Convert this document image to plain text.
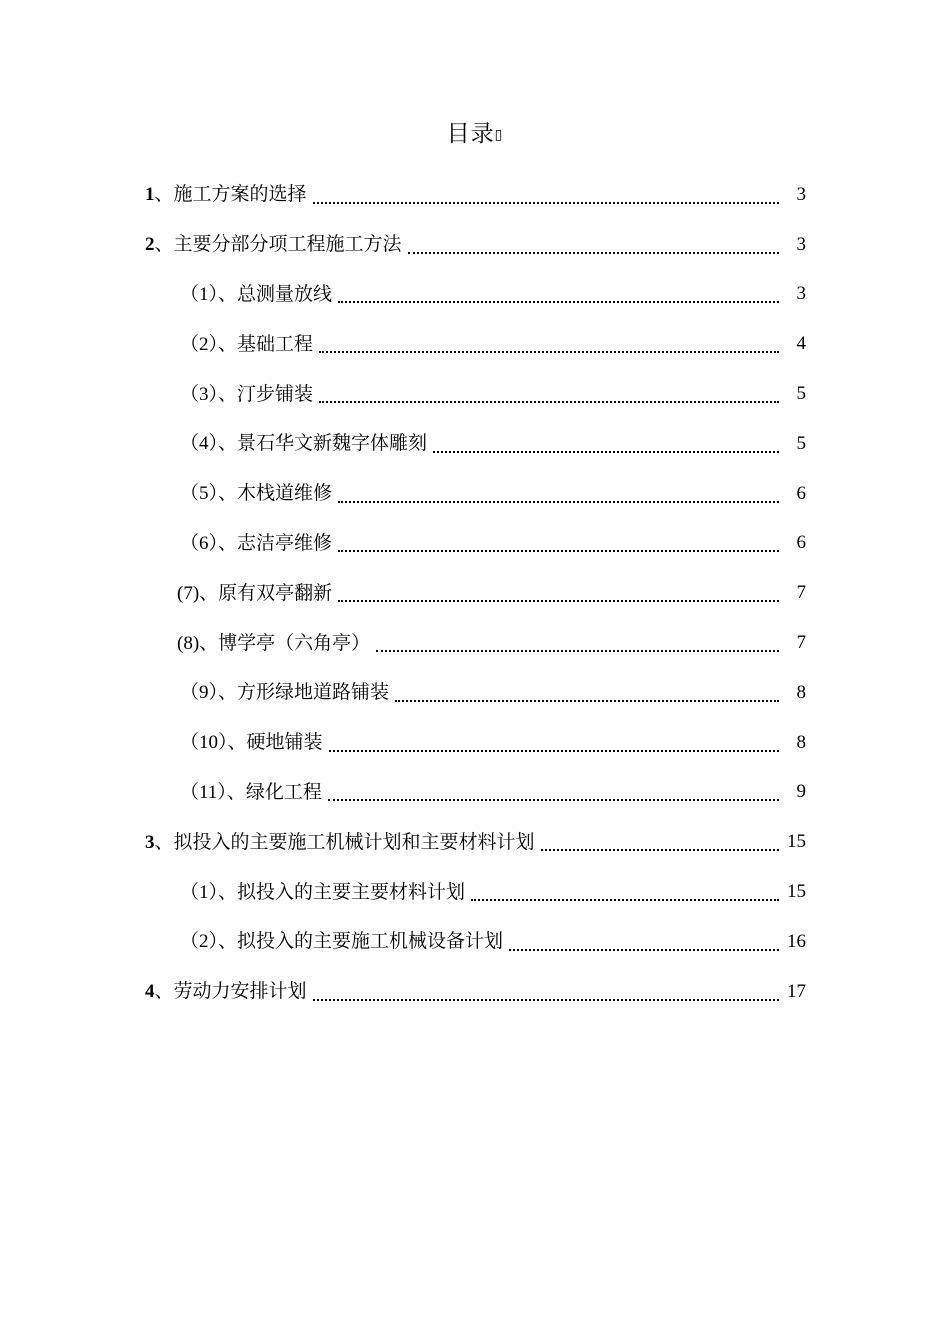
目录▯
1、施工方案的选择	3
2、主要分部分项工程施工方法	3
（1）、总测量放线	3
（2）、基础工程	4
（3）、汀步铺装	5
（4）、景石华文新魏字体雕刻	5
（5）、木栈道维修	6
（6）、志洁亭维修	6
(7)、原有双亭翻新	7
(8)、博学亭（六角亭）	7
（9）、方形绿地道路铺装	8
（10）、硬地铺装	8
（11）、绿化工程	9
3、拟投入的主要施工机械计划和主要材料计划	15
（1）、拟投入的主要主要材料计划	15
（2）、拟投入的主要施工机械设备计划	16
4、劳动力安排计划	17
